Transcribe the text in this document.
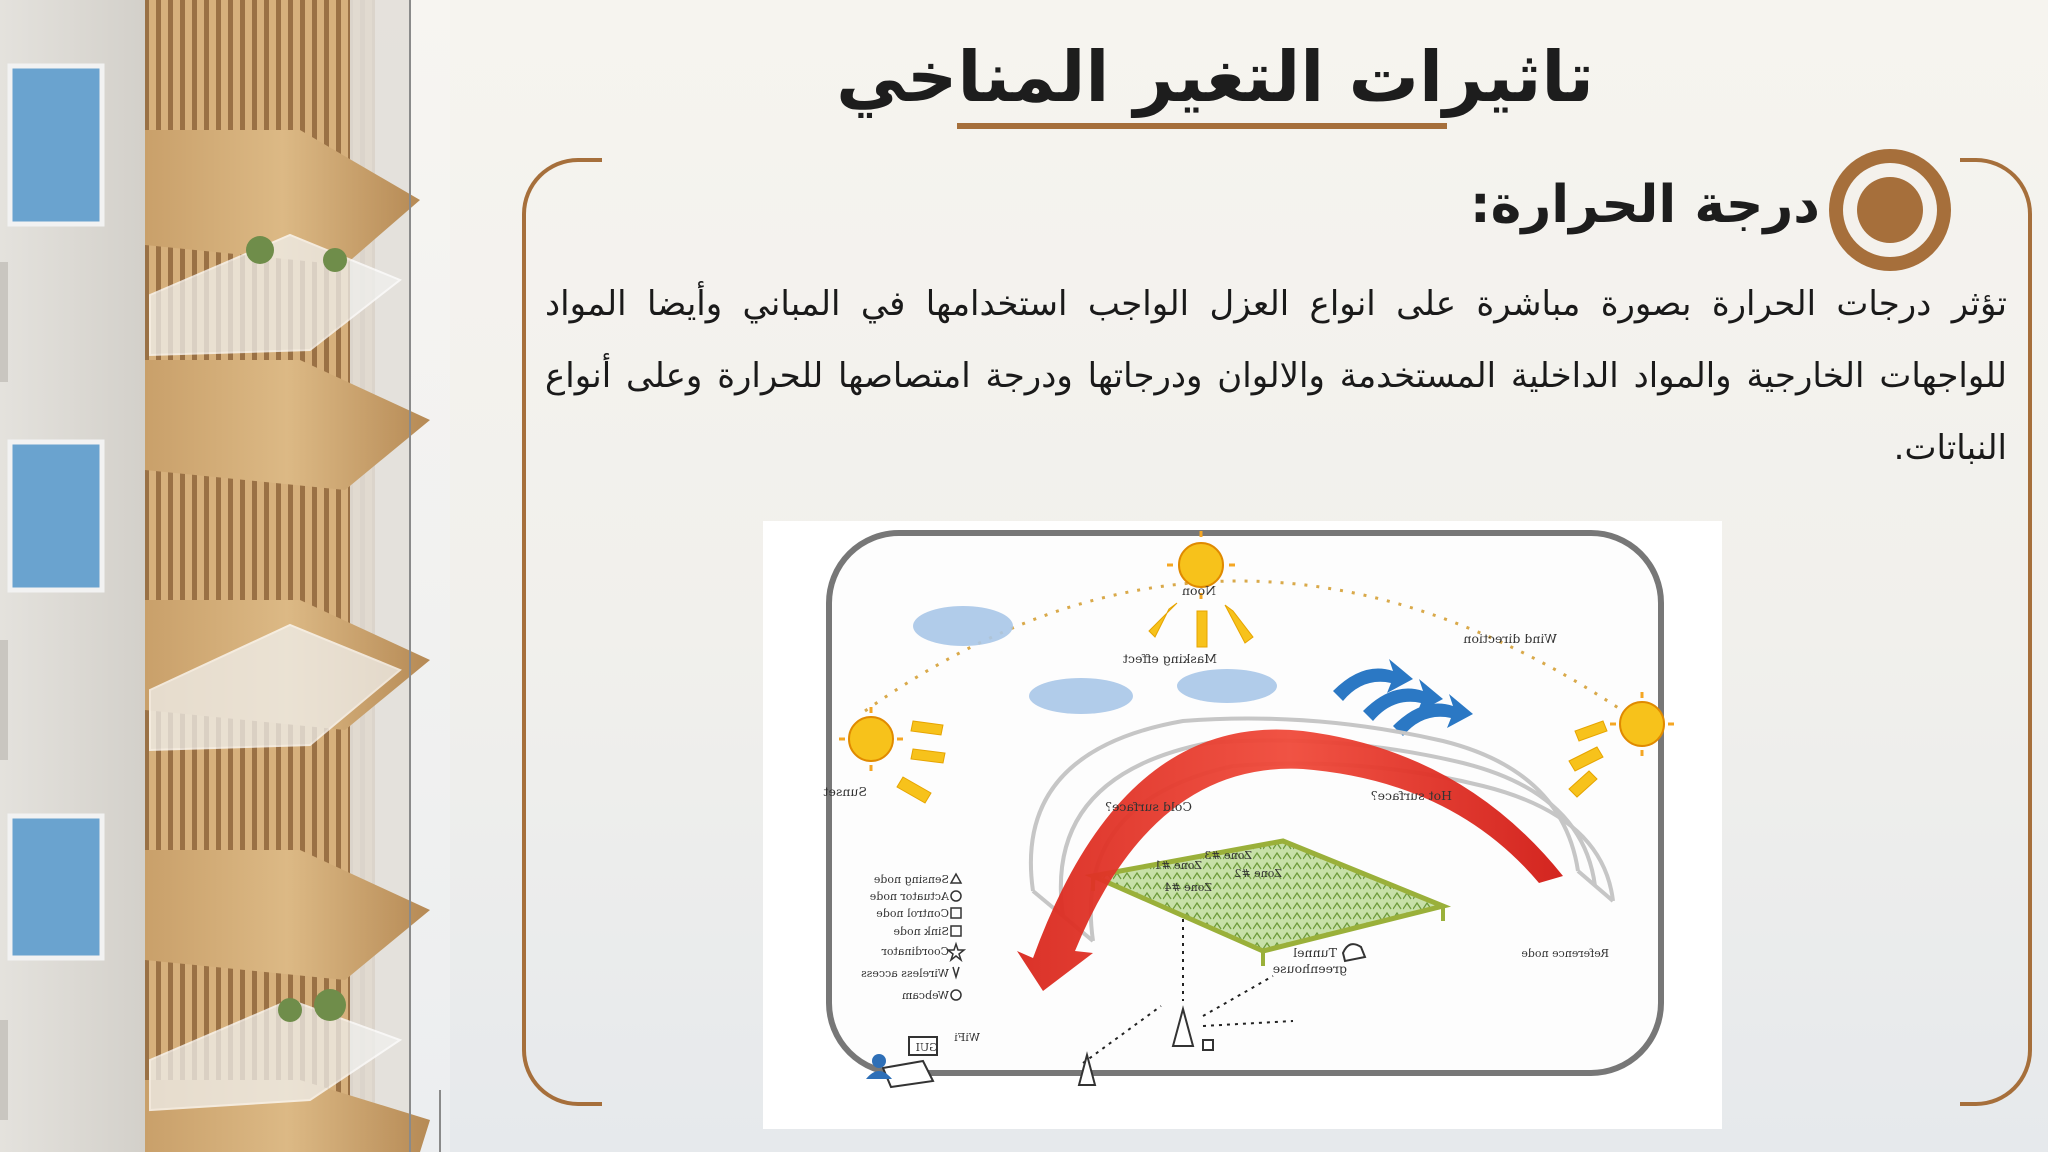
تاثيرات التغير المناخي
درجة الحرارة:

تؤثر درجات الحرارة بصورة مباشرة على انواع العزل الواجب استخدامها في المباني وأيضا المواد للواجهات الخارجية والمواد الداخلية المستخدمة والالوان ودرجاتها ودرجة امتصاصها للحرارة وعلى أنواع النباتات.

Noon
Sunset
Masking effect
Wind direction
Cold surface?
Hot surface?
Tunnel
greenhouse
Reference node
GUI
WiFi
Zone #1
Zone #2
Zone #3
Zone #4
Sensing node
Actuator node
Control node
Sink node
Coordinator
Wireless access
Webcam
